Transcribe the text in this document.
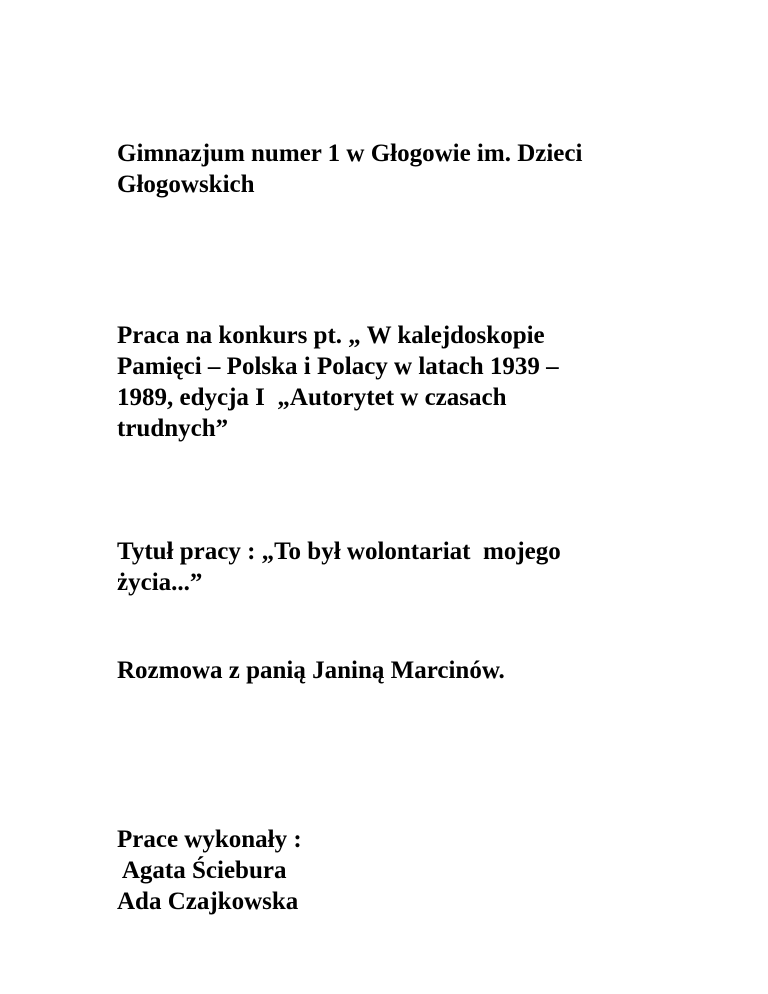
Gimnazjum numer 1 w Głogowie im. Dzieci
Głogowskich

Praca na konkurs pt. „ W kalejdoskopie
Pamięci – Polska i Polacy w latach 1939 –
1989, edycja I  „Autorytet w czasach
trudnych”

Tytuł pracy : „To był wolontariat  mojego
życia...”

Rozmowa z panią Janiną Marcinów.

Prace wykonały :
Agata Ściebura
Ada Czajkowska
